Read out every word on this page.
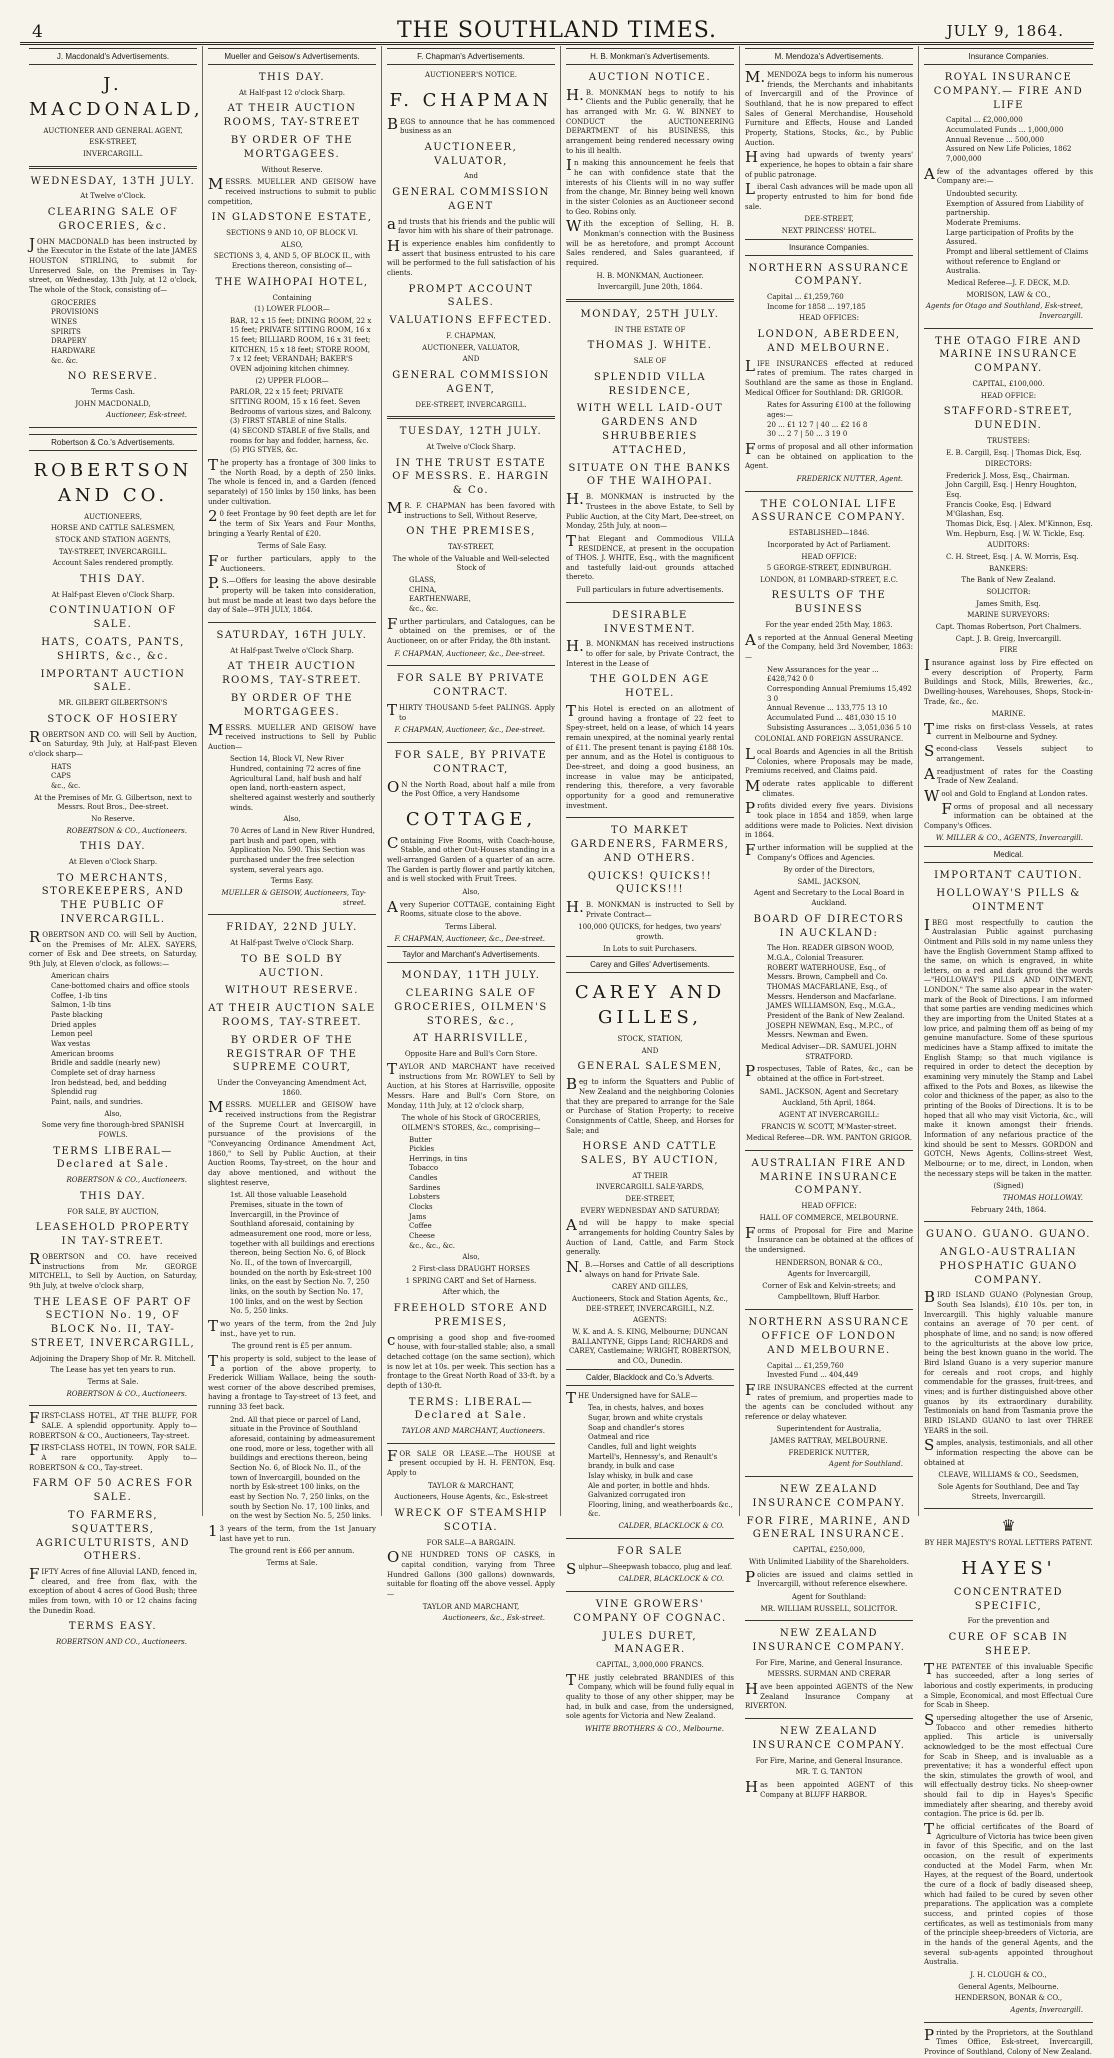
4	THE SOUTHLAND TIMES.	JULY 9, 1864.
J. Macdonald's Advertisements.
J. MACDONALD,
AUCTIONEER AND GENERAL AGENT,
ESK-STREET,
INVERCARGILL.
WEDNESDAY, 13TH JULY.
At Twelve o'Clock.
CLEARING SALE OF GROCERIES, &c.

JOHN MACDONALD has been instructed by the Executor in the Estate of the late JAMES HOUSTON STIRLING, to submit for Unreserved Sale, on the Premises in Tay-street, on Wednesday, 13th July, at 12 o'clock, The whole of the Stock, consisting of—

GROCERIES
PROVISIONS
WINES
SPIRITS
DRAPERY
HARDWARE
&c. &c.
NO RESERVE.
Terms Cash.
JOHN MACDONALD,
Auctioneer, Esk-street.
Robertson & Co.'s Advertisements.
ROBERTSON AND CO.
AUCTIONEERS,
HORSE AND CATTLE SALESMEN,
STOCK AND STATION AGENTS,
TAY-STREET, INVERCARGILL.
Account Sales rendered promptly.
THIS DAY.
At Half-past Eleven o'Clock Sharp.
CONTINUATION OF SALE.
HATS, COATS, PANTS, SHIRTS, &c., &c.
IMPORTANT AUCTION SALE.
MR. GILBERT GILBERTSON'S
STOCK OF HOSIERY

ROBERTSON AND CO. will Sell by Auction, on Saturday, 9th July, at Half-past Eleven o'clock sharp—

HATS
CAPS
&c., &c.
At the Premises of Mr. G. Gilbertson, next to Messrs. Rout Bros., Dee-street.
No Reserve.
ROBERTSON & CO., Auctioneers.
THIS DAY.
At Eleven o'Clock Sharp.
TO MERCHANTS, STOREKEEPERS, AND THE PUBLIC OF INVERCARGILL.

ROBERTSON AND CO. will Sell by Auction, on the Premises of Mr. ALEX. SAYERS, corner of Esk and Dee streets, on Saturday, 9th July, at Eleven o'clock, as follows:—

American chairs
Cane-bottomed chairs and office stools
Coffee, 1-lb tins
Salmon, 1-lb tins
Paste blacking
Dried apples
Lemon peel
Wax vestas
American brooms
Bridle and saddle (nearly new)
Complete set of dray harness
Iron bedstead, bed, and bedding
Splendid rug
Paint, nails, and sundries.
Also,
Some very fine thorough-bred SPANISH FOWLS.
TERMS LIBERAL—Declared at Sale.
ROBERTSON & CO., Auctioneers.
THIS DAY.
FOR SALE, BY AUCTION,
LEASEHOLD PROPERTY IN TAY-STREET.

ROBERTSON and CO. have received instructions from Mr. GEORGE MITCHELL, to Sell by Auction, on Saturday, 9th July, at twelve o'clock sharp,

THE LEASE OF PART OF SECTION No. 19, OF BLOCK No. II, TAY-STREET, INVERCARGILL,
Adjoining the Drapery Shop of Mr. R. Mitchell.
The Lease has yet ten years to run.
Terms at Sale.
ROBERTSON & CO., Auctioneers.

FIRST-CLASS HOTEL, AT THE BLUFF, FOR SALE. A splendid opportunity. Apply to— ROBERTSON & CO., Auctioneers, Tay-street.

FIRST-CLASS HOTEL, IN TOWN, FOR SALE. A rare opportunity. Apply to— ROBERTSON & CO., Tay-street.

FARM OF 50 ACRES FOR SALE.
TO FARMERS, SQUATTERS, AGRICULTURISTS, AND OTHERS.

FIFTY Acres of fine Alluvial LAND, fenced in, cleared, and free from flax, with the exception of about 4 acres of Good Bush; three miles from town, with 10 or 12 chains facing the Dunedin Road.

TERMS EASY.
ROBERTSON AND CO., Auctioneers.
Mueller and Geisow's Advertisements.
THIS DAY.
At Half-past 12 o'clock Sharp.
AT THEIR AUCTION ROOMS, TAY-STREET
BY ORDER OF THE MORTGAGEES.
Without Reserve.

MESSRS. MUELLER AND GEISOW have received instructions to submit to public competition,

IN GLADSTONE ESTATE,
SECTIONS 9 AND 10, OF BLOCK VI.
ALSO,
SECTIONS 3, 4, AND 5, OF BLOCK II., with Erections thereon, consisting of—
THE WAIHOPAI HOTEL,
Containing
(1) LOWER FLOOR—
BAR, 12 x 15 feet; DINING ROOM, 22 x 15 feet; PRIVATE SITTING ROOM, 16 x 15 feet; BILLIARD ROOM, 16 x 31 feet; KITCHEN, 15 x 18 feet; STORE ROOM, 7 x 12 feet; VERANDAH; BAKER'S OVEN adjoining kitchen chimney.
(2) UPPER FLOOR—
PARLOR, 22 x 15 feet; PRIVATE SITTING ROOM, 15 x 16 feet. Seven Bedrooms of various sizes, and Balcony.
(3) FIRST STABLE of nine Stalls.
(4) SECOND STABLE of five Stalls, and rooms for hay and fodder, harness, &c.
(5) PIG STYES, &c.

The property has a frontage of 300 links to the North Road, by a depth of 250 links. The whole is fenced in, and a Garden (fenced separately) of 150 links by 150 links, has been under cultivation.

20 feet Frontage by 90 feet depth are let for the term of Six Years and Four Months, bringing a Yearly Rental of £20.

Terms of Sale Easy.

For further particulars, apply to the Auctioneers.

P.S.—Offers for leasing the above desirable property will be taken into consideration, but must be made at least two days before the day of Sale—9TH JULY, 1864.

SATURDAY, 16TH JULY.
At Half-past Twelve o'Clock Sharp.
AT THEIR AUCTION ROOMS, TAY-STREET.
BY ORDER OF THE MORTGAGEES.

MESSRS. MUELLER AND GEISOW have received instructions to Sell by Public Auction—

Section 14, Block VI, New River Hundred, containing 72 acres of fine Agricultural Land, half bush and half open land, north-eastern aspect, sheltered against westerly and southerly winds.
Also,
70 Acres of Land in New River Hundred, part bush and part open, with Application No. 590. This Section was purchased under the free selection system, several years ago.
Terms Easy.
MUELLER & GEISOW, Auctioneers, Tay-street.
FRIDAY, 22ND JULY.
At Half-past Twelve o'Clock Sharp.
TO BE SOLD BY AUCTION.
WITHOUT RESERVE.
AT THEIR AUCTION SALE ROOMS, TAY-STREET.
BY ORDER OF THE REGISTRAR OF THE SUPREME COURT,
Under the Conveyancing Amendment Act, 1860.

MESSRS. MUELLER and GEISOW have received instructions from the Registrar of the Supreme Court at Invercargill, in pursuance of the provisions of the "Conveyancing Ordinance Amendment Act, 1860," to Sell by Public Auction, at their Auction Rooms, Tay-street, on the hour and day above mentioned, and without the slightest reserve,

1st. All those valuable Leasehold Premises, situate in the town of Invercargill, in the Province of Southland aforesaid, containing by admeasurement one rood, more or less, together with all buildings and erections thereon, being Section No. 6, of Block No. II., of the town of Invercargill, bounded on the north by Esk-street 100 links, on the east by Section No. 7, 250 links, on the south by Section No. 17, 100 links, and on the west by Section No. 5, 250 links.

Two years of the term, from the 2nd July inst., have yet to run.

The ground rent is £5 per annum.

This property is sold, subject to the lease of a portion of the above property, to Frederick William Wallace, being the south-west corner of the above described premises, having a frontage to Tay-street of 13 feet, and running 33 feet back.

2nd. All that piece or parcel of Land, situate in the Province of Southland aforesaid, containing by admeasurement one rood, more or less, together with all buildings and erections thereon, being Section No. 6, of Block No. II., of the town of Invercargill, bounded on the north by Esk-street 100 links, on the east by Section No. 7, 250 links, on the south by Section No. 17, 100 links, and on the west by Section No. 5, 250 links.

13 years of the term, from the 1st January last have yet to run.

The ground rent is £66 per annum.
Terms at Sale.
F. Chapman's Advertisements.
AUCTIONEER'S NOTICE.
F. CHAPMAN

BEGS to announce that he has commenced business as an

AUCTIONEER, VALUATOR,
And
GENERAL COMMISSION AGENT

and trusts that his friends and the public will favor him with his share of their patronage.

His experience enables him confidently to assert that business entrusted to his care will be performed to the full satisfaction of his clients.

PROMPT ACCOUNT SALES.
VALUATIONS EFFECTED.
F. CHAPMAN,
AUCTIONEER, VALUATOR,
AND
GENERAL COMMISSION AGENT,
DEE-STREET, INVERCARGILL.
TUESDAY, 12TH JULY.
At Twelve o'Clock Sharp.
IN THE TRUST ESTATE OF MESSRS. E. HARGIN & Co.

MR. F. CHAPMAN has been favored with instructions to Sell, Without Reserve,

ON THE PREMISES,
TAY-STREET,
The whole of the Valuable and Well-selected Stock of
GLASS,
CHINA,
EARTHENWARE,
&c., &c.

Further particulars, and Catalogues, can be obtained on the premises, or of the Auctioneer, on or after Friday, the 8th instant.

F. CHAPMAN, Auctioneer, &c., Dee-street.
FOR SALE BY PRIVATE CONTRACT.

THIRTY THOUSAND 5-feet PALINGS. Apply to

F. CHAPMAN, Auctioneer, &c., Dee-street.
FOR SALE, BY PRIVATE CONTRACT,

ON the North Road, about half a mile from the Post Office, a very Handsome

COTTAGE,

Containing Five Rooms, with Coach-house, Stable, and other Out-Houses standing in a well-arranged Garden of a quarter of an acre. The Garden is partly flower and partly kitchen, and is well stocked with Fruit Trees.

Also,

Avery Superior COTTAGE, containing Eight Rooms, situate close to the above.

Terms Liberal.
F. CHAPMAN, Auctioneer, &c., Dee-street.
Taylor and Marchant's Advertisements.
MONDAY, 11TH JULY.
CLEARING SALE OF GROCERIES, OILMEN'S STORES, &c.,
AT HARRISVILLE,
Opposite Hare and Bull's Corn Store.

TAYLOR AND MARCHANT have received instructions from Mr. ROWLEY to Sell by Auction, at his Stores at Harrisville, opposite Messrs. Hare and Bull's Corn Store, on Monday, 11th July, at 12 o'clock sharp,

The whole of his Stock of GROCERIES, OILMEN'S STORES, &c., comprising—
Butter
Pickles
Herrings, in tins
Tobacco
Candles
Sardines
Lobsters
Clocks
Jams
Coffee
Cheese
&c., &c., &c.
Also,
2 First-class DRAUGHT HORSES
1 SPRING CART and Set of Harness.
After which, the
FREEHOLD STORE AND PREMISES,

comprising a good shop and five-roomed house, with four-stalled stable; also, a small detached cottage (on the same section), which is now let at 10s. per week. This section has a frontage to the Great North Road of 33-ft. by a depth of 130-ft.

TERMS: LIBERAL—Declared at Sale.
TAYLOR AND MARCHANT, Auctioneers.

FOR SALE OR LEASE.—The HOUSE at present occupied by H. H. FENTON, Esq. Apply to

TAYLOR & MARCHANT,
Auctioneers, House Agents, &c., Esk-street
WRECK OF STEAMSHIP SCOTIA.
FOR SALE—A BARGAIN.

ONE HUNDRED TONS OF CASKS, in capital condition, varying from Three Hundred Gallons (300 gallons) downwards, suitable for floating off the above vessel. Apply—

TAYLOR AND MARCHANT,
Auctioneers, &c., Esk-street.
H. B. Monkman's Advertisements.
AUCTION NOTICE.

H.B. MONKMAN begs to notify to his Clients and the Public generally, that he has arranged with Mr. G. W. BINNEY to CONDUCT the AUCTIONEERING DEPARTMENT of his BUSINESS, this arrangement being rendered necessary owing to his ill health.

In making this announcement he feels that he can with confidence state that the interests of his Clients will in no way suffer from the change, Mr. Binney being well known in the sister Colonies as an Auctioneer second to Geo. Robins only.

With the exception of Selling, H. B. Monkman's connection with the Business will be as heretofore, and prompt Account Sales rendered, and Sales guaranteed, if required.

H. B. MONKMAN, Auctioneer.
Invercargill, June 20th, 1864.
MONDAY, 25TH JULY.
IN THE ESTATE OF
THOMAS J. WHITE.
SALE OF
SPLENDID VILLA RESIDENCE,
WITH WELL LAID-OUT GARDENS AND SHRUBBERIES ATTACHED,
SITUATE ON THE BANKS OF THE WAIHOPAI.

H.B. MONKMAN is instructed by the Trustees in the above Estate, to Sell by Public Auction, at the City Mart, Dee-street, on Monday, 25th July, at noon—

That Elegant and Commodious VILLA RESIDENCE, at present in the occupation of THOS. J. WHITE, Esq., with the magnificent and tastefully laid-out grounds attached thereto.

Full particulars in future advertisements.
DESIRABLE INVESTMENT.

H.B. MONKMAN has received instructions to offer for sale, by Private Contract, the Interest in the Lease of

THE GOLDEN AGE HOTEL.

This Hotel is erected on an allotment of ground having a frontage of 22 feet to Spey-street, held on a lease, of which 14 years remain unexpired, at the nominal yearly rental of £11. The present tenant is paying £188 10s. per annum, and as the Hotel is contiguous to Dee-street, and doing a good business, an increase in value may be anticipated, rendering this, therefore, a very favorable opportunity for a good and remunerative investment.

TO MARKET GARDENERS, FARMERS, AND OTHERS.
QUICKS! QUICKS!! QUICKS!!!

H.B. MONKMAN is instructed to Sell by Private Contract—

100,000 QUICKS, for hedges, two years' growth.
In Lots to suit Purchasers.
Carey and Gilles' Advertisements.
CAREY AND GILLES,
STOCK, STATION,
AND
GENERAL SALESMEN,

Beg to inform the Squatters and Public of New Zealand and the neighboring Colonies that they are prepared to arrange for the Sale or Purchase of Station Property; to receive Consignments of Cattle, Sheep, and Horses for Sale; and

HORSE AND CATTLE SALES, BY AUCTION,
AT THEIR
INVERCARGILL SALE-YARDS,
DEE-STREET,
EVERY WEDNESDAY AND SATURDAY;

And will be happy to make special arrangements for holding Country Sales by Auction of Land, Cattle, and Farm Stock generally.

N.B.—Horses and Cattle of all descriptions always on hand for Private Sale.

CAREY AND GILLES,
Auctioneers, Stock and Station Agents, &c., DEE-STREET, INVERCARGILL, N.Z.
AGENTS:
W. K. and A. S. KING, Melbourne; DUNCAN BALLANTYNE, Gipps Land; RICHARDS and CAREY, Castlemaine; WRIGHT, ROBERTSON, and CO., Dunedin.
Calder, Blacklock and Co.'s Adverts.

THE Undersigned have for SALE—

Tea, in chests, halves, and boxes
Sugar, brown and white crystals
Soap and chandler's stores
Oatmeal and rice
Candles, full and light weights
Martell's, Hennessy's, and Renault's brandy, in bulk and case
Islay whisky, in bulk and case
Ale and porter, in bottle and hhds.
Galvanized corrugated iron
Flooring, lining, and weatherboards &c., &c.
CALDER, BLACKLOCK & CO.
FOR SALE

Sulphur—Sheepwash tobacco, plug and leaf.

CALDER, BLACKLOCK & CO.
VINE GROWERS' COMPANY OF COGNAC.
JULES DURET, MANAGER.
CAPITAL, 3,000,000 FRANCS.

THE justly celebrated BRANDIES of this Company, which will be found fully equal in quality to those of any other shipper, may be had, in bulk and case, from the undersigned, sole agents for Victoria and New Zealand.

WHITE BROTHERS & CO., Melbourne.
M. Mendoza's Advertisements.

M.MENDOZA begs to inform his numerous friends, the Merchants and inhabitants of Invercargill and of the Province of Southland, that he is now prepared to effect Sales of General Merchandise, Household Furniture and Effects, House and Landed Property, Stations, Stocks, &c., by Public Auction.

Having had upwards of twenty years' experience, he hopes to obtain a fair share of public patronage.

Liberal Cash advances will be made upon all property entrusted to him for bond fide sale.

DEE-STREET,
NEXT PRINCESS' HOTEL.
Insurance Companies.
NORTHERN ASSURANCE COMPANY.
Capital ... £1,259,760
Income for 1858 ... 197,185
HEAD OFFICES:
LONDON, ABERDEEN, AND MELBOURNE.

LIFE INSURANCES effected at reduced rates of premium. The rates charged in Southland are the same as those in England. Medical Officer for Southland: DR. GRIGOR.

Rates for Assuring £100 at the following ages:—
20 ... £1 12 7 | 40 ... £2 16 8
30 ... 2 7 | 50 ... 3 19 0

Forms of proposal and all other information can be obtained on application to the Agent.

FREDERICK NUTTER, Agent.
THE COLONIAL LIFE ASSURANCE COMPANY.
ESTABLISHED—1846.
Incorporated by Act of Parliament.
HEAD OFFICE:
5 GEORGE-STREET, EDINBURGH.
LONDON, 81 LOMBARD-STREET, E.C.
RESULTS OF THE BUSINESS
For the year ended 25th May, 1863.

As reported at the Annual General Meeting of the Company, held 3rd November, 1863:—

New Assurances for the year ... £428,742 0 0
Corresponding Annual Premiums 15,492 3 0
Annual Revenue ... 133,775 13 10
Accumulated Fund ... 481,030 15 10
Subsisting Assurances ... 3,051,036 5 10
COLONIAL AND FOREIGN ASSURANCE.

Local Boards and Agencies in all the British Colonies, where Proposals may be made, Premiums received, and Claims paid.

Moderate rates applicable to different climates.

Profits divided every five years. Divisions took place in 1854 and 1859, when large additions were made to Policies. Next division in 1864.

Further information will be supplied at the Company's Offices and Agencies.

By order of the Directors,
SAML. JACKSON,
Agent and Secretary to the Local Board in Auckland.
BOARD OF DIRECTORS IN AUCKLAND:
The Hon. READER GIBSON WOOD, M.G.A., Colonial Treasurer.
ROBERT WATERHOUSE, Esq., of Messrs. Brown, Campbell and Co.
THOMAS MACFARLANE, Esq., of Messrs. Henderson and Macfarlane.
JAMES WILLIAMSON, Esq., M.G.A., President of the Bank of New Zealand.
JOSEPH NEWMAN, Esq., M.P.C., of Messrs. Newman and Ewen.
Medical Adviser—DR. SAMUEL JOHN STRATFORD.

Prospectuses, Table of Rates, &c., can be obtained at the office in Fort-street.

SAML. JACKSON, Agent and Secretary
Auckland, 5th April, 1864.
AGENT AT INVERCARGILL:
FRANCIS W. SCOTT, M'Master-street.
Medical Referee—DR. WM. PANTON GRIGOR.
AUSTRALIAN FIRE AND MARINE INSURANCE COMPANY.
HEAD OFFICE:
HALL OF COMMERCE, MELBOURNE.

Forms of Proposal for Fire and Marine Insurance can be obtained at the offices of the undersigned.

HENDERSON, BONAR & CO.,
Agents for Invercargill,
Corner of Esk and Kelvin-streets; and
Campbelltown, Bluff Harbor.
NORTHERN ASSURANCE OFFICE OF LONDON AND MELBOURNE.
Capital ... £1,259,760
Invested Fund ... 404,449

FIRE INSURANCES effected at the current rates of premium, and properties made to the agents can be concluded without any reference or delay whatever.

Superintendent for Australia,
JAMES RATTRAY, MELBOURNE.
FREDERICK NUTTER,
Agent for Southland.
NEW ZEALAND INSURANCE COMPANY.
FOR FIRE, MARINE, AND GENERAL INSURANCE.
CAPITAL, £250,000,
With Unlimited Liability of the Shareholders.

Policies are issued and claims settled in Invercargill, without reference elsewhere.

Agent for Southland:
MR. WILLIAM RUSSELL, SOLICITOR.
NEW ZEALAND INSURANCE COMPANY.
For Fire, Marine, and General Insurance.
MESSRS. SURMAN AND CRERAR

Have been appointed AGENTS of the New Zealand Insurance Company at RIVERTON.

NEW ZEALAND INSURANCE COMPANY.
For Fire, Marine, and General Insurance.
MR. T. G. TANTON

Has been appointed AGENT of this Company at BLUFF HARBOR.

Insurance Companies.
ROYAL INSURANCE COMPANY.— FIRE AND LIFE
Capital ... £2,000,000
Accumulated Funds ... 1,000,000
Annual Revenue ... 500,000
Assured on New Life Policies, 1862 7,000,000

Afew of the advantages offered by this Company are:—

Undoubted security.
Exemption of Assured from Liability of partnership.
Moderate Premiums.
Large participation of Profits by the Assured.
Prompt and liberal settlement of Claims without reference to England or Australia.
Medical Referee—J. F. DECK, M.D.
MORISON, LAW & CO.,
Agents for Otago and Southland, Esk-street, Invercargill.
THE OTAGO FIRE AND MARINE INSURANCE COMPANY.
CAPITAL, £100,000.
HEAD OFFICE:
STAFFORD-STREET, DUNEDIN.
TRUSTEES:
E. B. Cargill, Esq. | Thomas Dick, Esq.
DIRECTORS:
Frederick J. Moss, Esq., Chairman.
John Cargill, Esq. | Henry Houghton, Esq.
Francis Cooke, Esq. | Edward M'Glashan, Esq.
Thomas Dick, Esq. | Alex. M'Kinnon, Esq.
Wm. Hepburn, Esq. | W. W. Tickle, Esq.
AUDITORS:
C. H. Street, Esq. | A. W. Morris, Esq.
BANKERS:
The Bank of New Zealand.
SOLICITOR:
James Smith, Esq.
MARINE SURVEYORS:
Capt. Thomas Robertson, Port Chalmers.
Capt. J. B. Greig, Invercargill.
FIRE

Insurance against loss by Fire effected on every description of Property, Farm Buildings and Stock, Mills, Breweries, &c., Dwelling-houses, Warehouses, Shops, Stock-in-Trade, &c., &c.

MARINE.

Time risks on first-class Vessels, at rates current in Melbourne and Sydney.

Second-class Vessels subject to arrangement.

Areadjustment of rates for the Coasting Trade of New Zealand.

Wool and Gold to England at London rates.

Forms of proposal and all necessary information can be obtained at the Company's Offices.

W. MILLER & CO., AGENTS, Invercargill.
Medical.
IMPORTANT CAUTION.
HOLLOWAY'S PILLS & OINTMENT

IBEG most respectfully to caution the Australasian Public against purchasing Ointment and Pills sold in my name unless they have the English Government Stamp affixed to the same, on which is engraved, in white letters, on a red and dark ground the words—"HOLLOWAY'S PILLS AND OINTMENT, LONDON." The same also appear in the water-mark of the Book of Directions. I am informed that some parties are vending medicines which they are importing from the United States at a low price, and palming them off as being of my genuine manufacture. Some of these spurious medicines have a Stamp affixed to imitate the English Stamp; so that much vigilance is required in order to detect the deception by examining very minutely the Stamp and Label affixed to the Pots and Boxes, as likewise the color and thickness of the paper, as also to the printing of the Books of Directions. It is to be hoped that all who may visit Victoria, &c., will make it known amongst their friends. Information of any nefarious practice of the kind should be sent to Messrs. GORDON and GOTCH, News Agents, Collins-street West, Melbourne; or to me, direct, in London, when the necessary steps will be taken in the matter.

(Signed)
THOMAS HOLLOWAY.
February 24th, 1864.
GUANO. GUANO. GUANO.
ANGLO-AUSTRALIAN PHOSPHATIC GUANO COMPANY.

BIRD ISLAND GUANO (Polynesian Group, South Sea Islands), £10 10s. per ton, in Invercargill. This highly valuable manure contains an average of 70 per cent. of phosphate of lime, and no sand; is now offered to the agriculturists at the above low price, being the best known guano in the world. The Bird Island Guano is a very superior manure for cereals and root crops, and highly commendable for the grasses, fruit-trees, and vines; and is further distinguished above other guanos by its extraordinary durability. Testimonials on hand from Tasmania prove the BIRD ISLAND GUANO to last over THREE YEARS in the soil.

Samples, analysis, testimonials, and all other information respecting the above can be obtained at

CLEAVE, WILLIAMS & CO., Seedsmen,
Sole Agents for Southland, Dee and Tay Streets, Invercargill.
♛
BY HER MAJESTY'S ROYAL LETTERS PATENT.
HAYES'
CONCENTRATED SPECIFIC,
For the prevention and
CURE OF SCAB IN SHEEP.

THE PATENTEE of this invaluable Specific has succeeded, after a long series of laborious and costly experiments, in producing a Simple, Economical, and most Effectual Cure for Scab in Sheep.

Superseding altogether the use of Arsenic, Tobacco and other remedies hitherto applied. This article is universally acknowledged to be the most effectual Cure for Scab in Sheep, and is invaluable as a preventative; it has a wonderful effect upon the skin, stimulates the growth of wool, and will effectually destroy ticks. No sheep-owner should fail to dip in Hayes's Specific immediately after shearing, and thereby avoid contagion. The price is 6d. per lb.

The official certificates of the Board of Agriculture of Victoria has twice been given in favor of this Specific, and on the last occasion, on the result of experiments conducted at the Model Farm, when Mr. Hayes, at the request of the Board, undertook the cure of a flock of badly diseased sheep, which had failed to be cured by seven other preparations. The application was a complete success, and printed copies of those certificates, as well as testimonials from many of the principle sheep-breeders of Victoria, are in the hands of the general Agents, and the several sub-agents appointed throughout Australia.

J. H. CLOUGH & CO.,
General Agents, Melbourne.
HENDERSON, BONAR & CO.,
Agents, Invercargill.

Printed by the Proprietors, at the Southland Times Office, Esk-street, Invercargill, Province of Southland, Colony of New Zealand.
